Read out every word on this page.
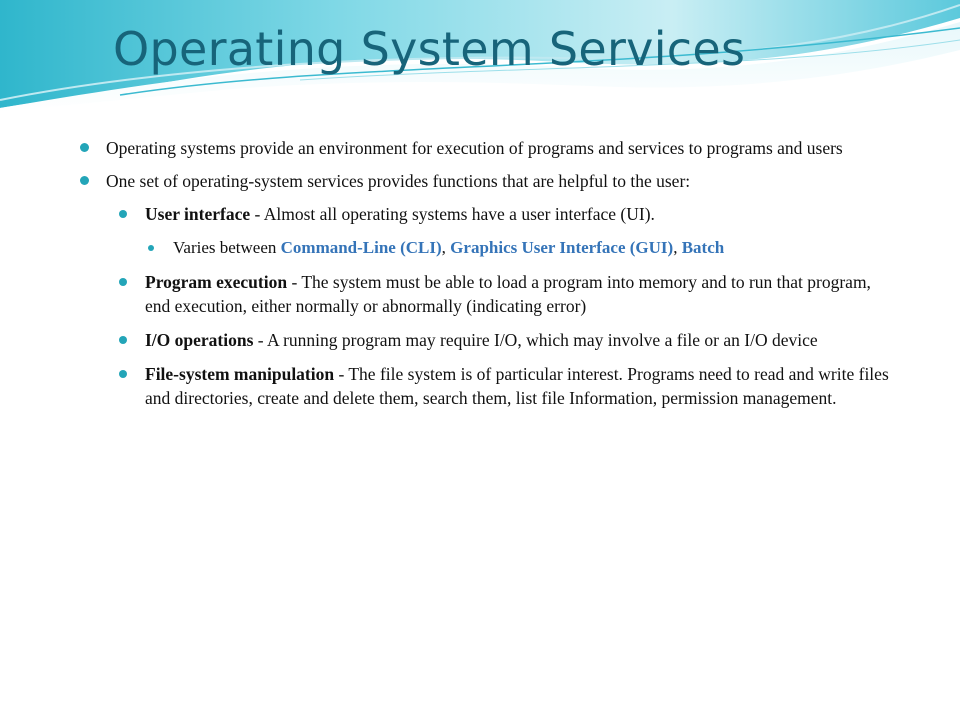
Operating System Services
Operating systems provide an environment for execution of programs and services to programs and users
One set of operating-system services provides functions that are helpful to the user:
User interface - Almost all operating systems have a user interface (UI).
Varies between Command-Line (CLI), Graphics User Interface (GUI), Batch
Program execution - The system must be able to load a program into memory and to run that program, end execution, either normally or abnormally (indicating error)
I/O operations - A running program may require I/O, which may involve a file or an I/O device
File-system manipulation - The file system is of particular interest. Programs need to read and write files and directories, create and delete them, search them, list file Information, permission management.
